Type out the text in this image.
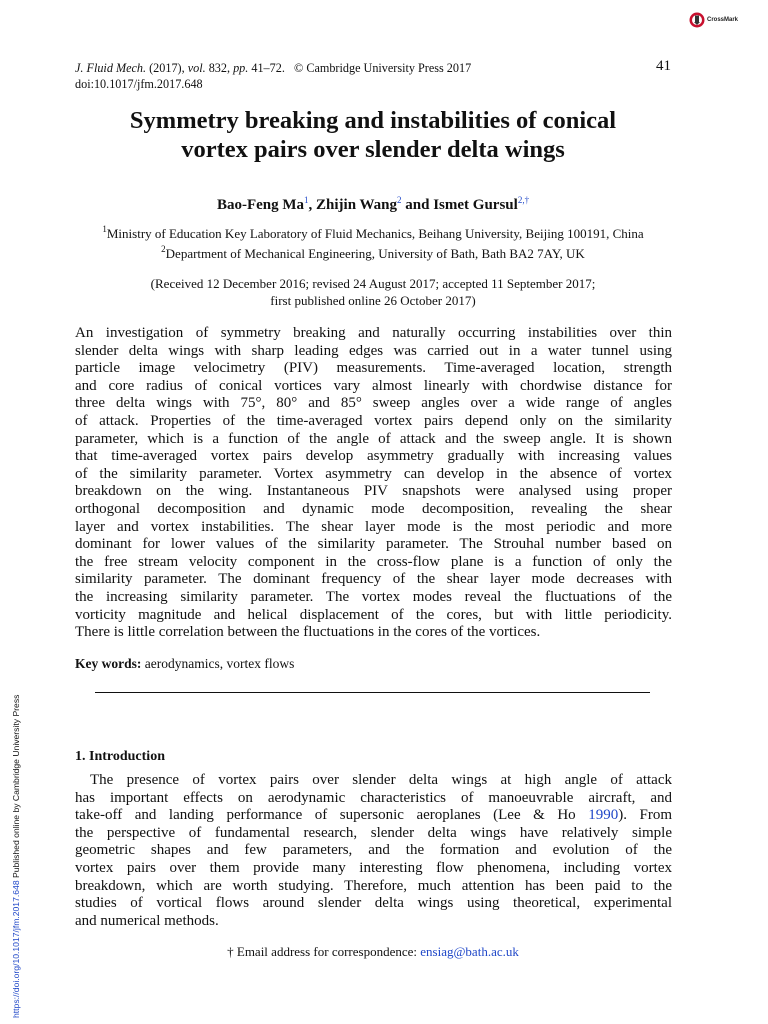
J. Fluid Mech. (2017), vol. 832, pp. 41–72. © Cambridge University Press 2017
doi:10.1017/jfm.2017.648
41
CrossMark
Symmetry breaking and instabilities of conical
vortex pairs over slender delta wings
Bao-Feng Ma$^1$, Zhijin Wang$^2$ and Ismet Gursul$^{2,\dagger}$
$^1$Ministry of Education Key Laboratory of Fluid Mechanics, Beihang University, Beijing 100191, China
$^2$Department of Mechanical Engineering, University of Bath, Bath BA2 7AY, UK
(Received 12 December 2016; revised 24 August 2017; accepted 11 September 2017;
first published online 26 October 2017)
An investigation of symmetry breaking and naturally occurring instabilities over thin
slender delta wings with sharp leading edges was carried out in a water tunnel using
particle image velocimetry (PIV) measurements. Time-averaged location, strength
and core radius of conical vortices vary almost linearly with chordwise distance for
three delta wings with 75°, 80° and 85° sweep angles over a wide range of angles
of attack. Properties of the time-averaged vortex pairs depend only on the similarity
parameter, which is a function of the angle of attack and the sweep angle. It is shown
that time-averaged vortex pairs develop asymmetry gradually with increasing values
of the similarity parameter. Vortex asymmetry can develop in the absence of vortex
breakdown on the wing. Instantaneous PIV snapshots were analysed using proper
orthogonal decomposition and dynamic mode decomposition, revealing the shear
layer and vortex instabilities. The shear layer mode is the most periodic and more
dominant for lower values of the similarity parameter. The Strouhal number based on
the free stream velocity component in the cross-flow plane is a function of only the
similarity parameter. The dominant frequency of the shear layer mode decreases with
the increasing similarity parameter. The vortex modes reveal the fluctuations of the
vorticity magnitude and helical displacement of the cores, but with little periodicity.
There is little correlation between the fluctuations in the cores of the vortices.
Key words: aerodynamics, vortex flows
1. Introduction
The presence of vortex pairs over slender delta wings at high angle of attack
has important effects on aerodynamic characteristics of manoeuvrable aircraft, and
take-off and landing performance of supersonic aeroplanes (Lee & Ho 1990). From
the perspective of fundamental research, slender delta wings have relatively simple
geometric shapes and few parameters, and the formation and evolution of the
vortex pairs over them provide many interesting flow phenomena, including vortex
breakdown, which are worth studying. Therefore, much attention has been paid to the
studies of vortical flows around slender delta wings using theoretical, experimental
and numerical methods.
† Email address for correspondence: ensiag@bath.ac.uk
https://doi.org/10.1017/jfm.2017.648 Published online by Cambridge University Press
